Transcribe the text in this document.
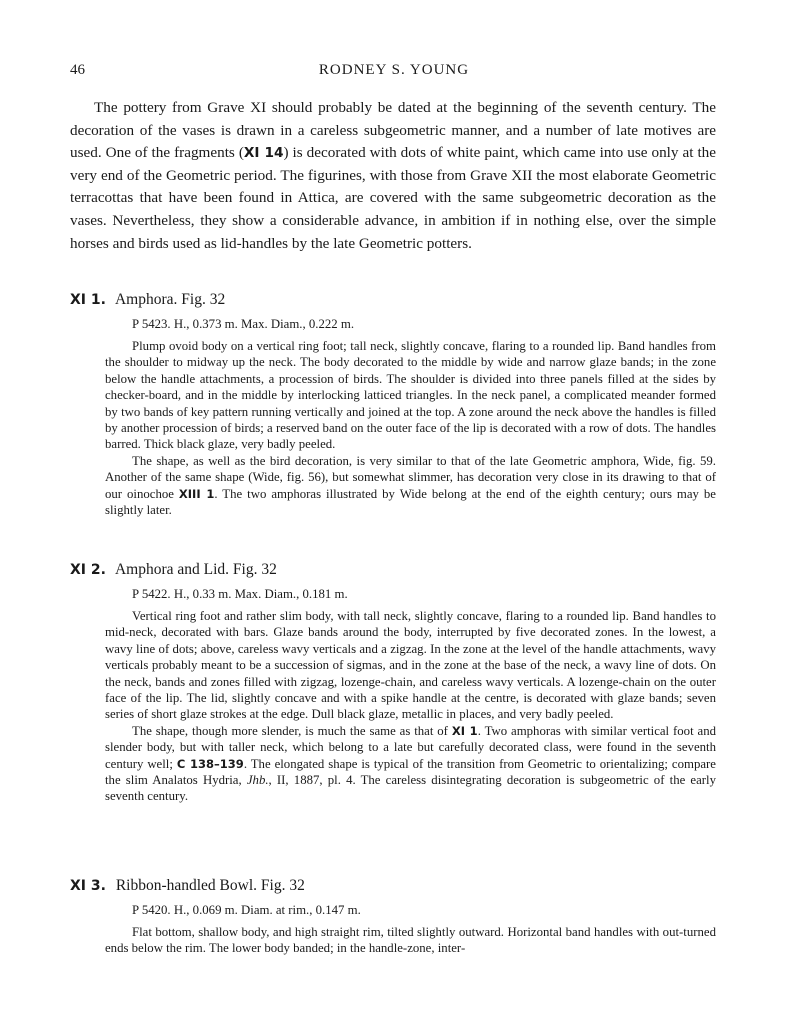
46	RODNEY S. YOUNG

The pottery from Grave XI should probably be dated at the beginning of the seventh century. The decoration of the vases is drawn in a careless subgeometric manner, and a number of late motives are used. One of the fragments (XI 14) is decorated with dots of white paint, which came into use only at the very end of the Geometric period. The figurines, with those from Grave XII the most elaborate Geometric terracottas that have been found in Attica, are covered with the same subgeometric decoration as the vases. Nevertheless, they show a considerable advance, in ambition if in nothing else, over the simple horses and birds used as lid-handles by the late Geometric potters.

XI 1. Amphora. Fig. 32

P 5423. H., 0.373 m. Max. Diam., 0.222 m.

Plump ovoid body on a vertical ring foot; tall neck, slightly concave, flaring to a rounded lip. Band handles from the shoulder to midway up the neck. The body decorated to the middle by wide and narrow glaze bands; in the zone below the handle attachments, a procession of birds. The shoulder is divided into three panels filled at the sides by checker-board, and in the middle by interlocking latticed triangles. In the neck panel, a complicated meander formed by two bands of key pattern running vertically and joined at the top. A zone around the neck above the handles is filled by another procession of birds; a reserved band on the outer face of the lip is decorated with a row of dots. The handles barred. Thick black glaze, very badly peeled.

The shape, as well as the bird decoration, is very similar to that of the late Geometric amphora, Wide, fig. 59. Another of the same shape (Wide, fig. 56), but somewhat slimmer, has decoration very close in its drawing to that of our oinochoe XIII 1. The two amphoras illustrated by Wide belong at the end of the eighth century; ours may be slightly later.

XI 2. Amphora and Lid. Fig. 32

P 5422. H., 0.33 m. Max. Diam., 0.181 m.

Vertical ring foot and rather slim body, with tall neck, slightly concave, flaring to a rounded lip. Band handles to mid-neck, decorated with bars. Glaze bands around the body, interrupted by five decorated zones. In the lowest, a wavy line of dots; above, careless wavy verticals and a zigzag. In the zone at the level of the handle attachments, wavy verticals probably meant to be a succession of sigmas, and in the zone at the base of the neck, a wavy line of dots. On the neck, bands and zones filled with zigzag, lozenge-chain, and careless wavy verticals. A lozenge-chain on the outer face of the lip. The lid, slightly concave and with a spike handle at the centre, is decorated with glaze bands; seven series of short glaze strokes at the edge. Dull black glaze, metallic in places, and very badly peeled.

The shape, though more slender, is much the same as that of XI 1. Two amphoras with similar vertical foot and slender body, but with taller neck, which belong to a late but carefully decorated class, were found in the seventh century well; C 138–139. The elongated shape is typical of the transition from Geometric to orientalizing; compare the slim Analatos Hydria, Jhb., II, 1887, pl. 4. The careless disintegrating decoration is subgeometric of the early seventh century.

XI 3. Ribbon-handled Bowl. Fig. 32

P 5420. H., 0.069 m. Diam. at rim., 0.147 m.

Flat bottom, shallow body, and high straight rim, tilted slightly outward. Horizontal band handles with out-turned ends below the rim. The lower body banded; in the handle-zone, inter-
